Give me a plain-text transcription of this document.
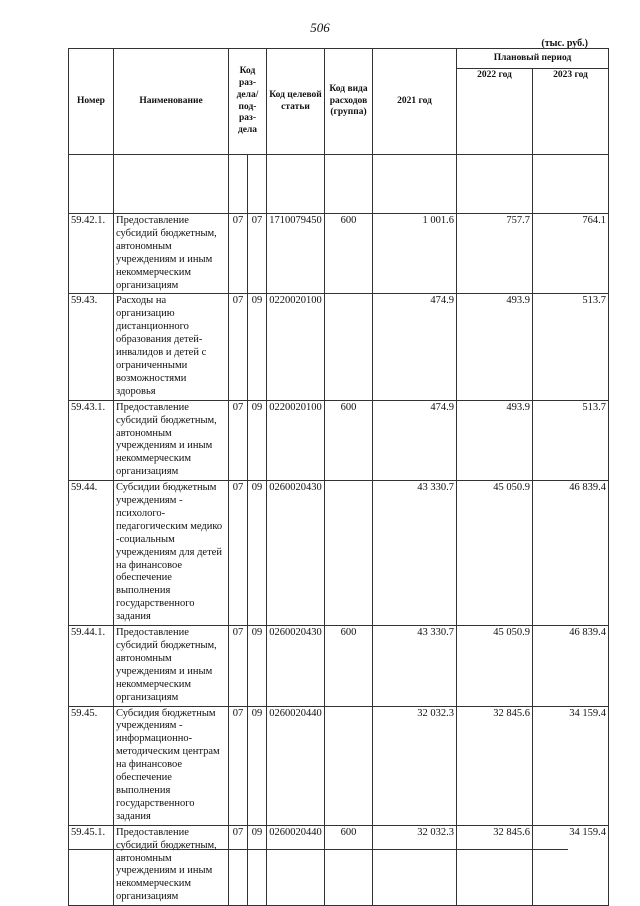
506
(тыс. руб.)
Номер	Наименование	Код раз-дела/ под-раз-дела		Код целевой статьи	Код вида расходов (группа)	2021 год	Плановый период	
							2022 год	2023 год

59.42.1.	Предоставление субсидий бюджетным, автономным учреждениям и иным некоммерческим организациям	07	07	1710079450	600	1 001.6	757.7	764.1
59.43.	Расходы на организацию дистанционного образования детей-инвалидов и детей с ограниченными возможностями здоровья	07	09	0220020100		474.9	493.9	513.7
59.43.1.	Предоставление субсидий бюджетным, автономным учреждениям и иным некоммерческим организациям	07	09	0220020100	600	474.9	493.9	513.7
59.44.	Субсидии бюджетным учреждениям - психолого-педагогическим медико -социальным учреждениям для детей на финансовое обеспечение выполнения государственного задания	07	09	0260020430		43 330.7	45 050.9	46 839.4
59.44.1.	Предоставление субсидий бюджетным, автономным учреждениям и иным некоммерческим организациям	07	09	0260020430	600	43 330.7	45 050.9	46 839.4
59.45.	Субсидия бюджетным учреждениям - информационно-методическим центрам на финансовое обеспечение выполнения государственного задания	07	09	0260020440		32 032.3	32 845.6	34 159.4
59.45.1.	Предоставление субсидий бюджетным, автономным учреждениям и иным некоммерческим организациям	07	09	0260020440	600	32 032.3	32 845.6	34 159.4
